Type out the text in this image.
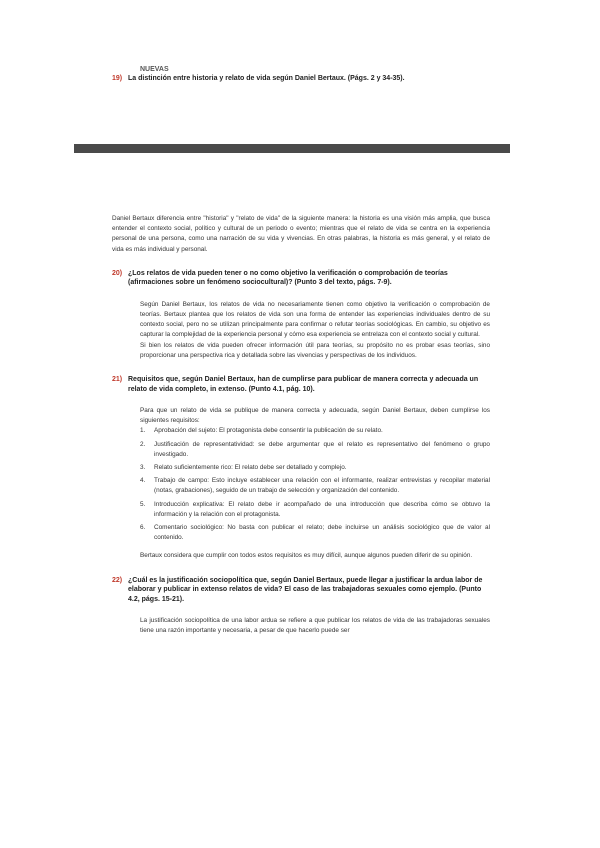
NUEVAS
19) La distinción entre historia y relato de vida según Daniel Bertaux. (Págs. 2 y 34-35).

Daniel Bertaux diferencia entre "historia" y "relato de vida" de la siguiente manera: la historia es una visión más amplia, que busca entender el contexto social, político y cultural de un periodo o evento; mientras que el relato de vida se centra en la experiencia personal de una persona, como una narración de su vida y vivencias. En otras palabras, la historia es más general, y el relato de vida es más individual y personal.

20) ¿Los relatos de vida pueden tener o no como objetivo la verificación o comprobación de teorías (afirmaciones sobre un fenómeno sociocultural)? (Punto 3 del texto, págs. 7-9).

Según Daniel Bertaux, los relatos de vida no necesariamente tienen como objetivo la verificación o comprobación de teorías. Bertaux plantea que los relatos de vida son una forma de entender las experiencias individuales dentro de su contexto social, pero no se utilizan principalmente para confirmar o refutar teorías sociológicas. En cambio, su objetivo es capturar la complejidad de la experiencia personal y cómo esa experiencia se entrelaza con el contexto social y cultural.

Si bien los relatos de vida pueden ofrecer información útil para teorías, su propósito no es probar esas teorías, sino proporcionar una perspectiva rica y detallada sobre las vivencias y perspectivas de los individuos.

21) Requisitos que, según Daniel Bertaux, han de cumplirse para publicar de manera correcta y adecuada un relato de vida completo, in extenso. (Punto 4.1, pág. 10).

Para que un relato de vida se publique de manera correcta y adecuada, según Daniel Bertaux, deben cumplirse los siguientes requisitos:

1.	Aprobación del sujeto: El protagonista debe consentir la publicación de su relato.
2.	Justificación de representatividad: se debe argumentar que el relato es representativo del fenómeno o grupo investigado.
3.	Relato suficientemente rico: El relato debe ser detallado y complejo.
4.	Trabajo de campo: Esto incluye establecer una relación con el informante, realizar entrevistas y recopilar material (notas, grabaciones), seguido de un trabajo de selección y organización del contenido.
5.	Introducción explicativa: El relato debe ir acompañado de una introducción que describa cómo se obtuvo la información y la relación con el protagonista.
6.	Comentario sociológico: No basta con publicar el relato; debe incluirse un análisis sociológico que de valor al contenido.

Bertaux considera que cumplir con todos estos requisitos es muy difícil, aunque algunos pueden diferir de su opinión.

22) ¿Cuál es la justificación sociopolítica que, según Daniel Bertaux, puede llegar a justificar la ardua labor de elaborar y publicar in extenso relatos de vida? El caso de las trabajadoras sexuales como ejemplo. (Punto 4.2, págs. 15-21).

La justificación sociopolítica de una labor ardua se refiere a que publicar los relatos de vida de las trabajadoras sexuales tiene una razón importante y necesaria, a pesar de que hacerlo puede ser
